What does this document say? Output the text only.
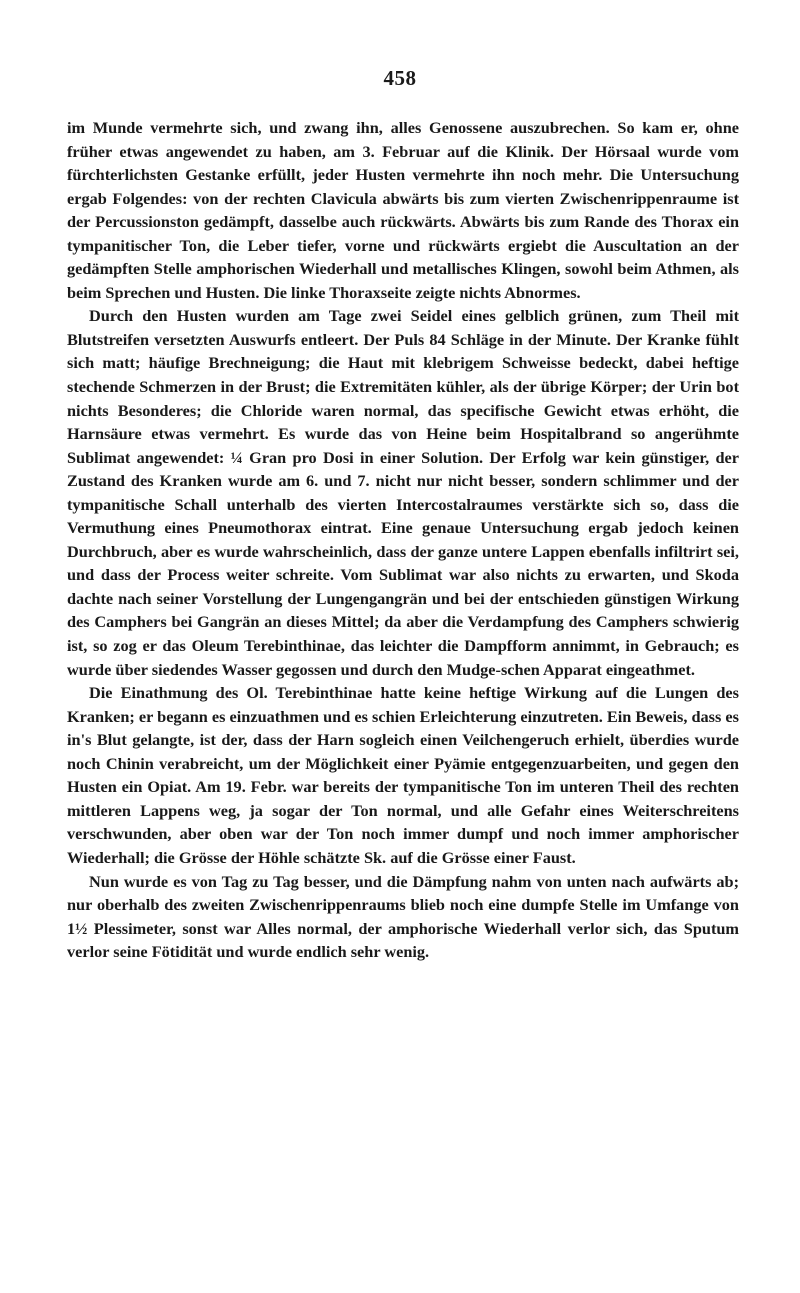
458

im Munde vermehrte sich, und zwang ihn, alles Genossene auszubrechen. So kam er, ohne früher etwas angewendet zu haben, am 3. Februar auf die Klinik. Der Hörsaal wurde vom fürchterlichsten Gestanke erfüllt, jeder Husten vermehrte ihn noch mehr. Die Untersuchung ergab Folgendes: von der rechten Clavicula abwärts bis zum vierten Zwischenrippenraume ist der Percussionston gedämpft, dasselbe auch rückwärts. Abwärts bis zum Rande des Thorax ein tympanitischer Ton, die Leber tiefer, vorne und rückwärts ergiebt die Auscultation an der gedämpften Stelle amphorischen Wiederhall und metallisches Klingen, sowohl beim Athmen, als beim Sprechen und Husten. Die linke Thoraxseite zeigte nichts Abnormes.

Durch den Husten wurden am Tage zwei Seidel eines gelblich grünen, zum Theil mit Blutstreifen versetzten Auswurfs entleert. Der Puls 84 Schläge in der Minute. Der Kranke fühlt sich matt; häufige Brechneigung; die Haut mit klebrigem Schweisse bedeckt, dabei heftige stechende Schmerzen in der Brust; die Extremitäten kühler, als der übrige Körper; der Urin bot nichts Besonderes; die Chloride waren normal, das specifische Gewicht etwas erhöht, die Harnsäure etwas vermehrt. Es wurde das von Heine beim Hospitalbrand so angerühmte Sublimat angewendet: ¼ Gran pro Dosi in einer Solution. Der Erfolg war kein günstiger, der Zustand des Kranken wurde am 6. und 7. nicht nur nicht besser, sondern schlimmer und der tympanitische Schall unterhalb des vierten Intercostalraumes verstärkte sich so, dass die Vermuthung eines Pneumothorax eintrat. Eine genaue Untersuchung ergab jedoch keinen Durchbruch, aber es wurde wahrscheinlich, dass der ganze untere Lappen ebenfalls infiltrirt sei, und dass der Process weiter schreite. Vom Sublimat war also nichts zu erwarten, und Skoda dachte nach seiner Vorstellung der Lungengangrän und bei der entschieden günstigen Wirkung des Camphers bei Gangrän an dieses Mittel; da aber die Verdampfung des Camphers schwierig ist, so zog er das Oleum Terebinthinae, das leichter die Dampfform annimmt, in Gebrauch; es wurde über siedendes Wasser gegossen und durch den Mudge-schen Apparat eingeathmet.

Die Einathmung des Ol. Terebinthinae hatte keine heftige Wirkung auf die Lungen des Kranken; er begann es einzuathmen und es schien Erleichterung einzutreten. Ein Beweis, dass es in's Blut gelangte, ist der, dass der Harn sogleich einen Veilchengeruch erhielt, überdies wurde noch Chinin verabreicht, um der Möglichkeit einer Pyämie entgegenzuarbeiten, und gegen den Husten ein Opiat. Am 19. Febr. war bereits der tympanitische Ton im unteren Theil des rechten mittleren Lappens weg, ja sogar der Ton normal, und alle Gefahr eines Weiterschreitens verschwunden, aber oben war der Ton noch immer dumpf und noch immer amphorischer Wiederhall; die Grösse der Höhle schätzte Sk. auf die Grösse einer Faust.

Nun wurde es von Tag zu Tag besser, und die Dämpfung nahm von unten nach aufwärts ab; nur oberhalb des zweiten Zwischenrippenraums blieb noch eine dumpfe Stelle im Umfange von 1½ Plessimeter, sonst war Alles normal, der amphorische Wiederhall verlor sich, das Sputum verlor seine Fötidität und wurde endlich sehr wenig.
